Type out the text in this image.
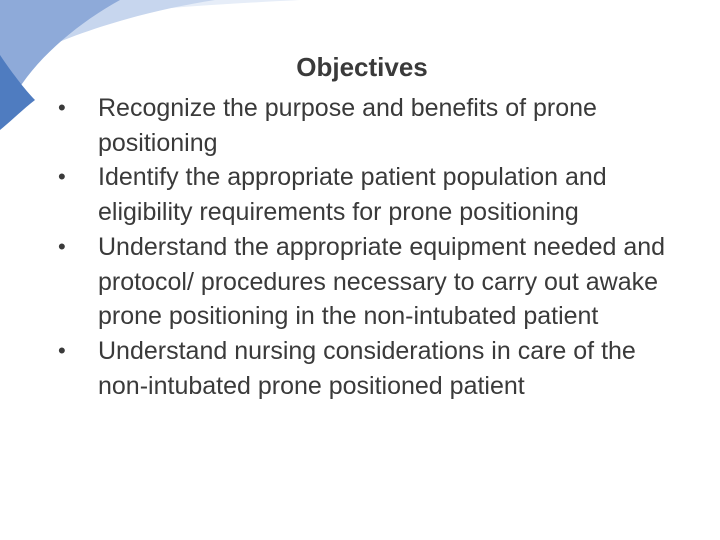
Objectives
•	Recognize the purpose and benefits of prone positioning
•	Identify the appropriate patient population and eligibility requirements for prone positioning
•	Understand the appropriate equipment needed and protocol/ procedures necessary to carry out awake prone positioning in the non-intubated patient
•	Understand nursing considerations in care of the non-intubated prone positioned patient
